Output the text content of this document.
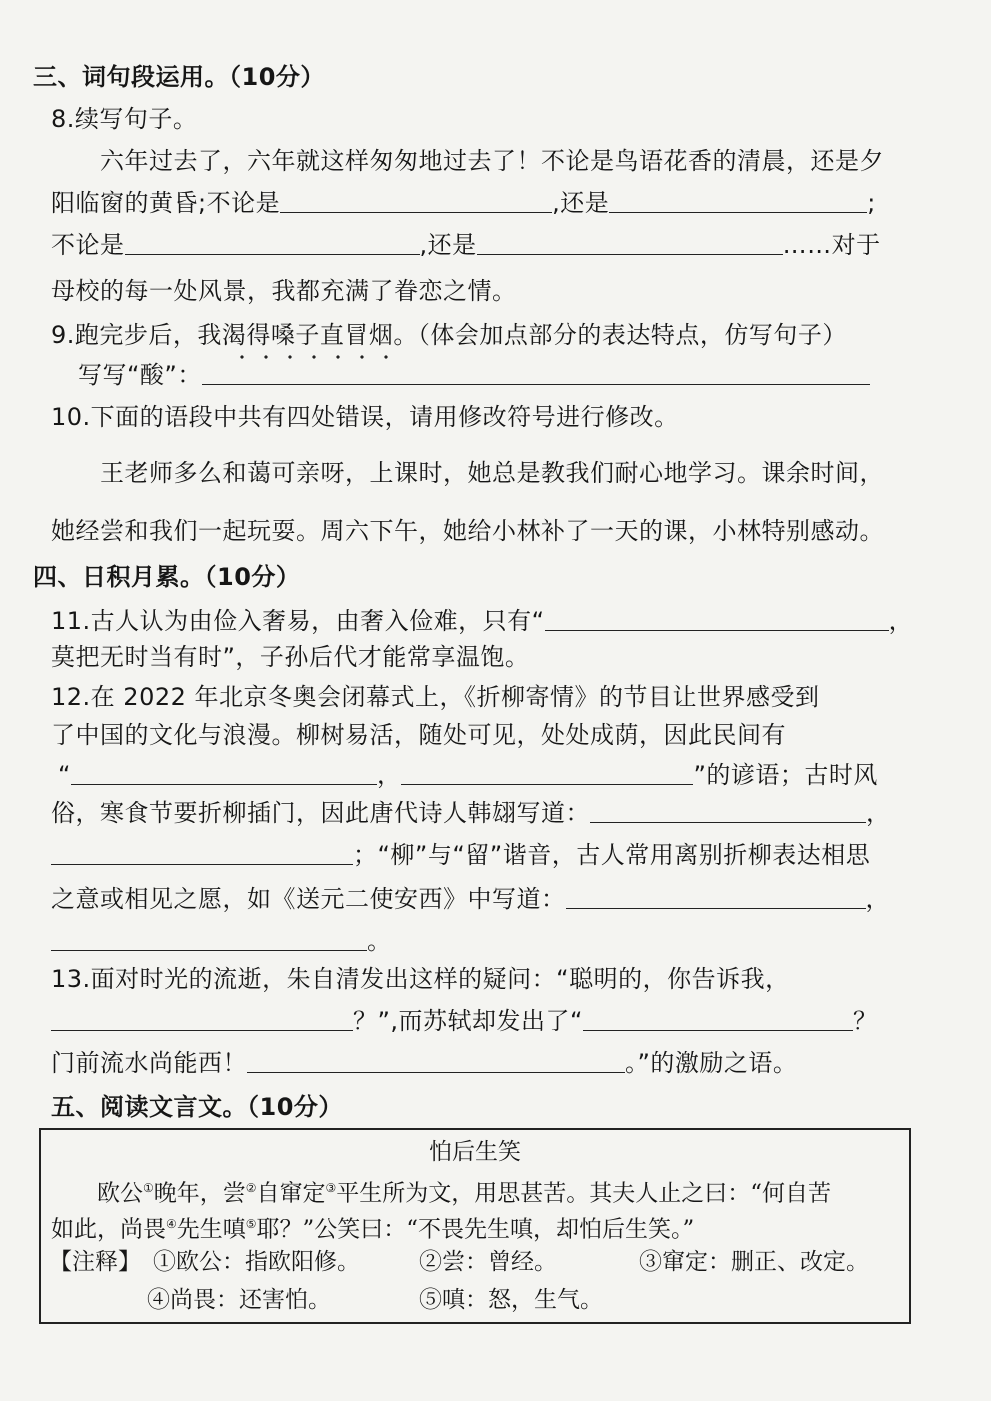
三、词句段运用。（10分）
8.续写句子。
六年过去了，六年就这样匆匆地过去了！不论是鸟语花香的清晨，还是夕
阳临窗的黄昏;不论是	,还是	;
不论是	,还是	……对于
母校的每一处风景，我都充满了眷恋之情。
9.跑完步后，我渴得嗓子直冒烟。（体会加点部分的表达特点，仿写句子）
写写“酸”：
10.下面的语段中共有四处错误，请用修改符号进行修改。
王老师多么和蔼可亲呀，上课时，她总是教我们耐心地学习。课余时间，
她经尝和我们一起玩耍。周六下午，她给小林补了一天的课，小林特别感动。
四、日积月累。（10分）
11.古人认为由俭入奢易，由奢入俭难，只有“	，
莫把无时当有时”，子孙后代才能常享温饱。
12.在 2022 年北京冬奥会闭幕式上，《折柳寄情》的节目让世界感受到
了中国的文化与浪漫。柳树易活，随处可见，处处成荫，因此民间有
“	，	”的谚语；古时风
俗，寒食节要折柳插门，因此唐代诗人韩翃写道：	，
；“柳”与“留”谐音，古人常用离别折柳表达相思
之意或相见之愿，如《送元二使安西》中写道：	，
。
13.面对时光的流逝，朱自清发出这样的疑问：“聪明的，你告诉我，
？”,而苏轼却发出了“	？
门前流水尚能西！	。”的激励之语。
五、阅读文言文。（10分）
怕后生笑
欧公①晚年，尝②自窜定③平生所为文，用思甚苦。其夫人止之曰：“何自苦
如此，尚畏④先生嗔⑤耶？”公笑曰：“不畏先生嗔，却怕后生笑。”
【注释】 ①欧公：指欧阳修。	②尝：曾经。	③窜定：删正、改定。
④尚畏：还害怕。	⑤嗔：怒，生气。
